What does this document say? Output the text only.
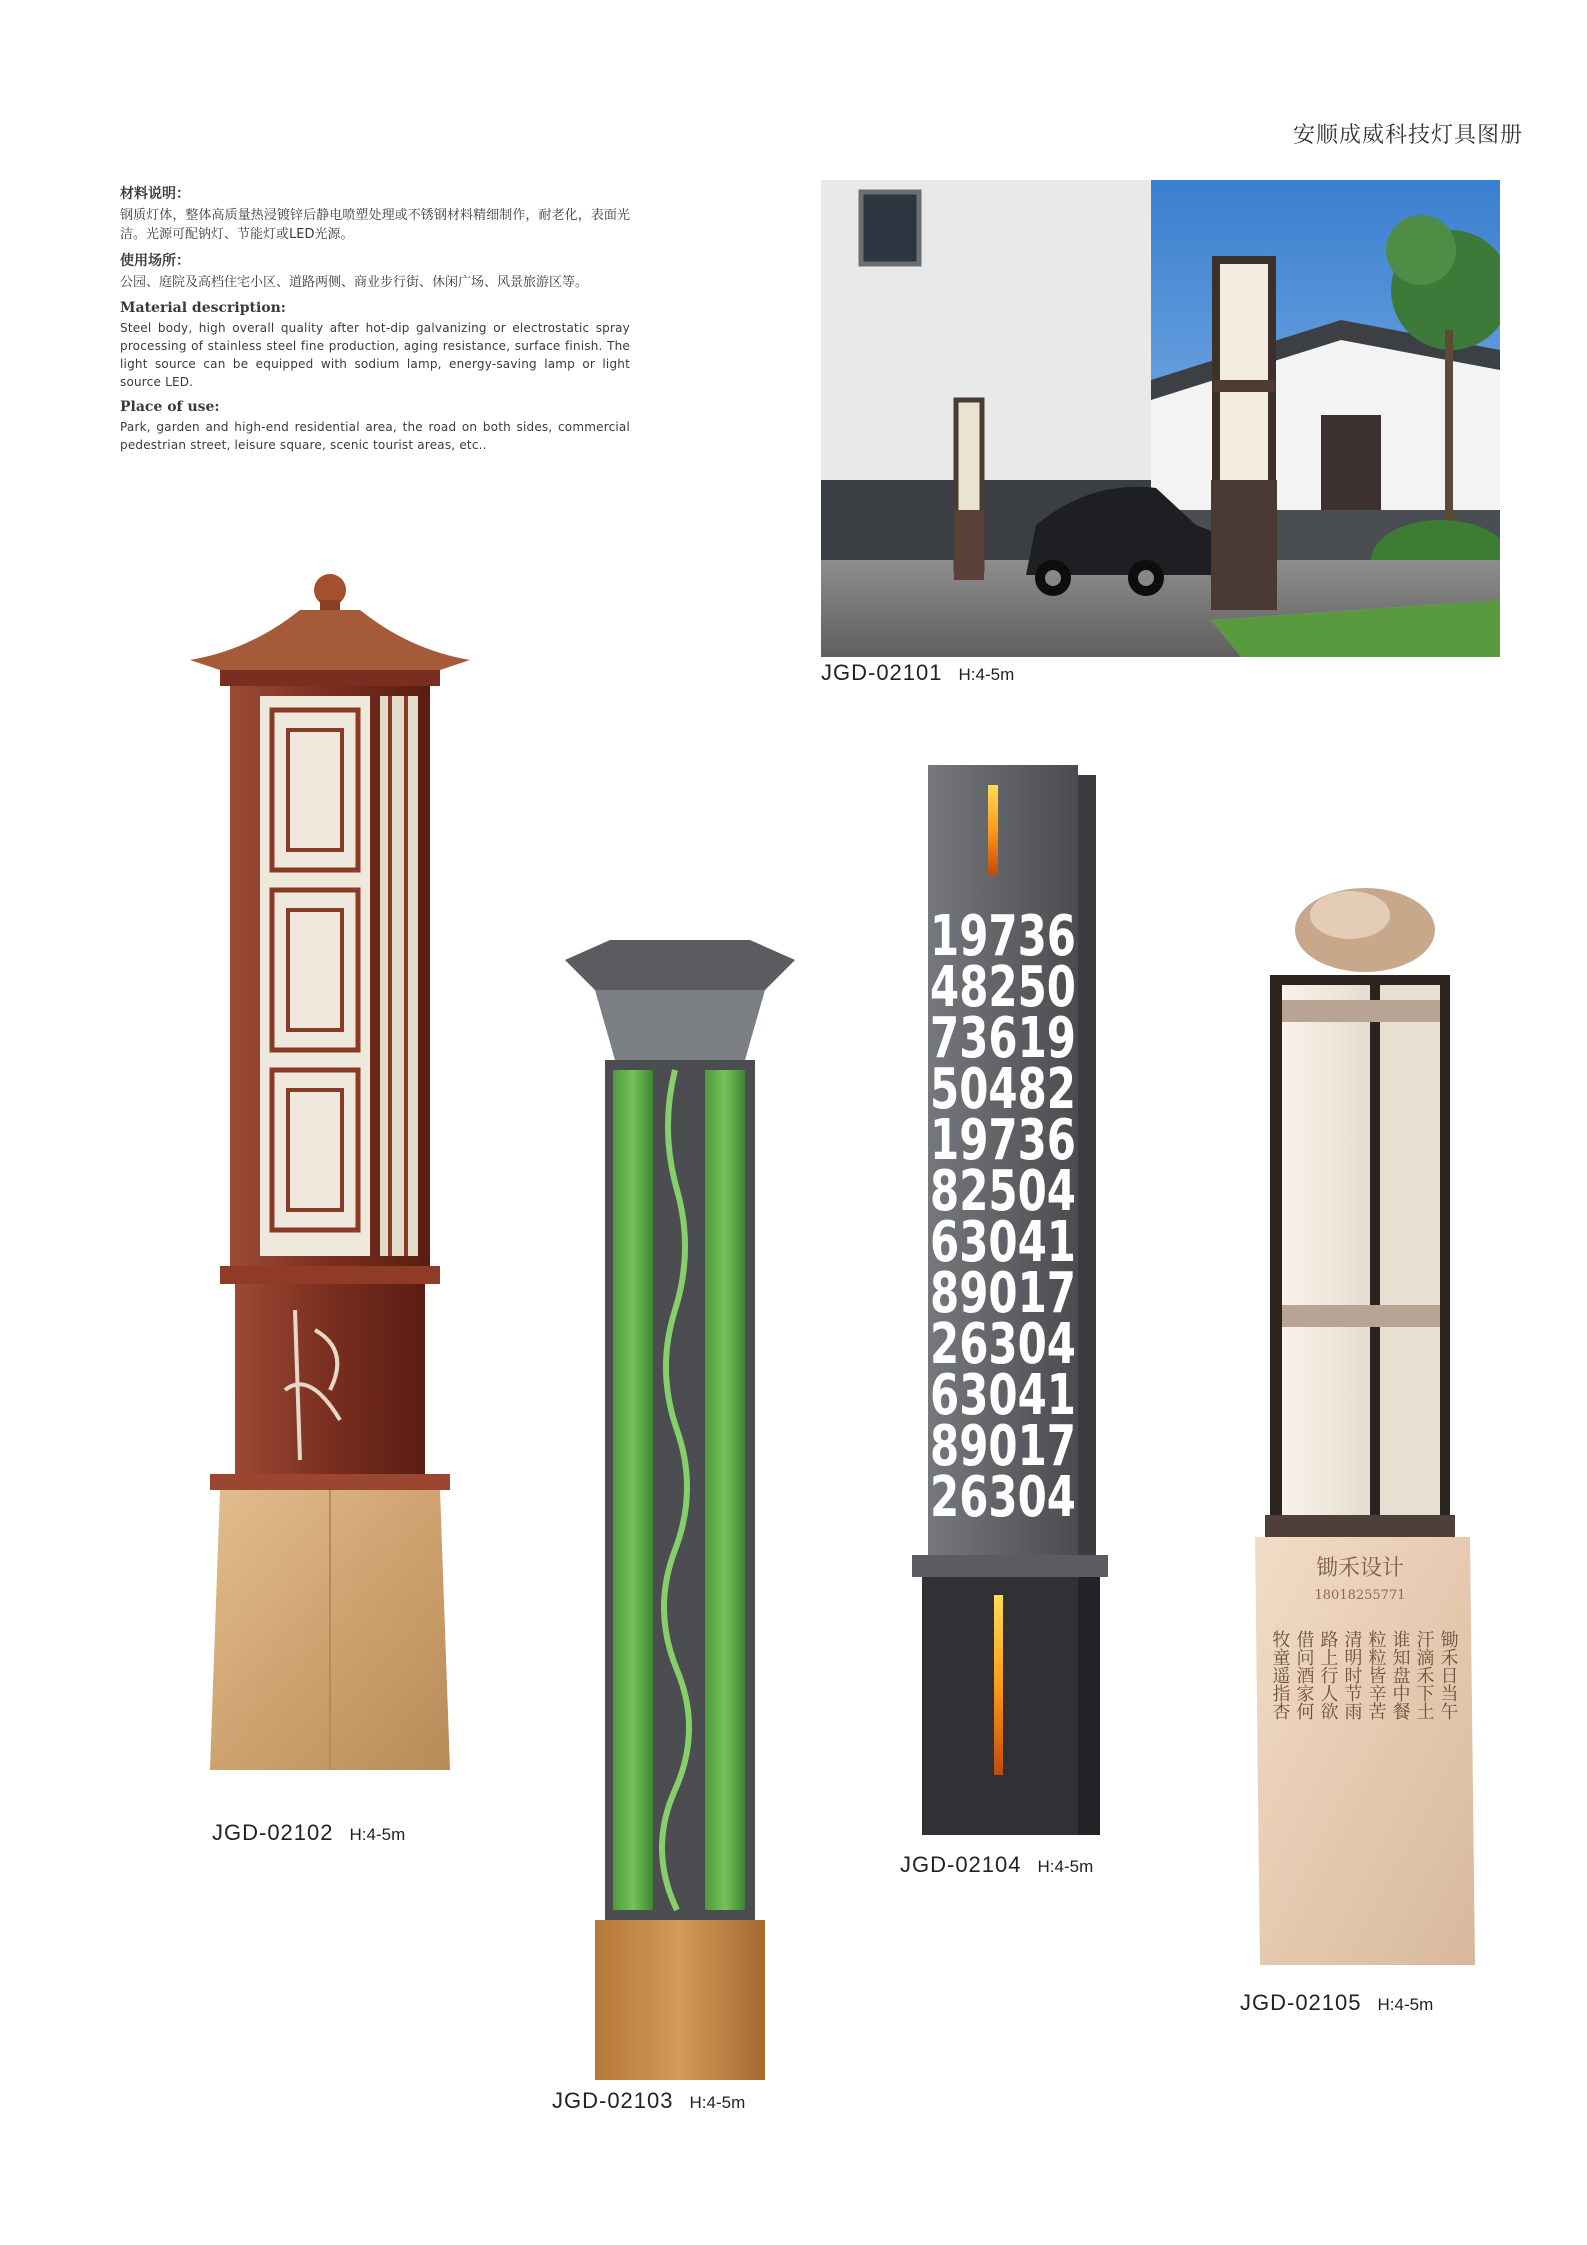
安顺成威科技灯具图册
材料说明：
钢质灯体，整体高质量热浸镀锌后静电喷塑处理或不锈钢材料精细制作，耐老化，表面光洁。光源可配钠灯、节能灯或LED光源。
使用场所：
公园、庭院及高档住宅小区、道路两侧、商业步行街、休闲广场、风景旅游区等。
Material description:
Steel body, high overall quality after hot-dip galvanizing or electrostatic spray processing of stainless steel fine production, aging resistance, surface finish. The light source can be equipped with sodium lamp, energy-saving lamp or light source LED.
Place of use:
Park, garden and high-end residential area, the road on both sides, commercial pedestrian street, leisure square, scenic tourist areas, etc..
JGD-02101 H:4-5m
JGD-02102 H:4-5m
JGD-02103 H:4-5m
19736
48250
73619
50482
19736
82504
63041
89017
26304
63041
89017
26304
JGD-02104 H:4-5m
锄禾设计
18018255771
锄禾日当午
汗滴禾下土
谁知盘中餐
粒粒皆辛苦
清明时节雨
路上行人欲
借问酒家何
牧童遥指杏
JGD-02105 H:4-5m
